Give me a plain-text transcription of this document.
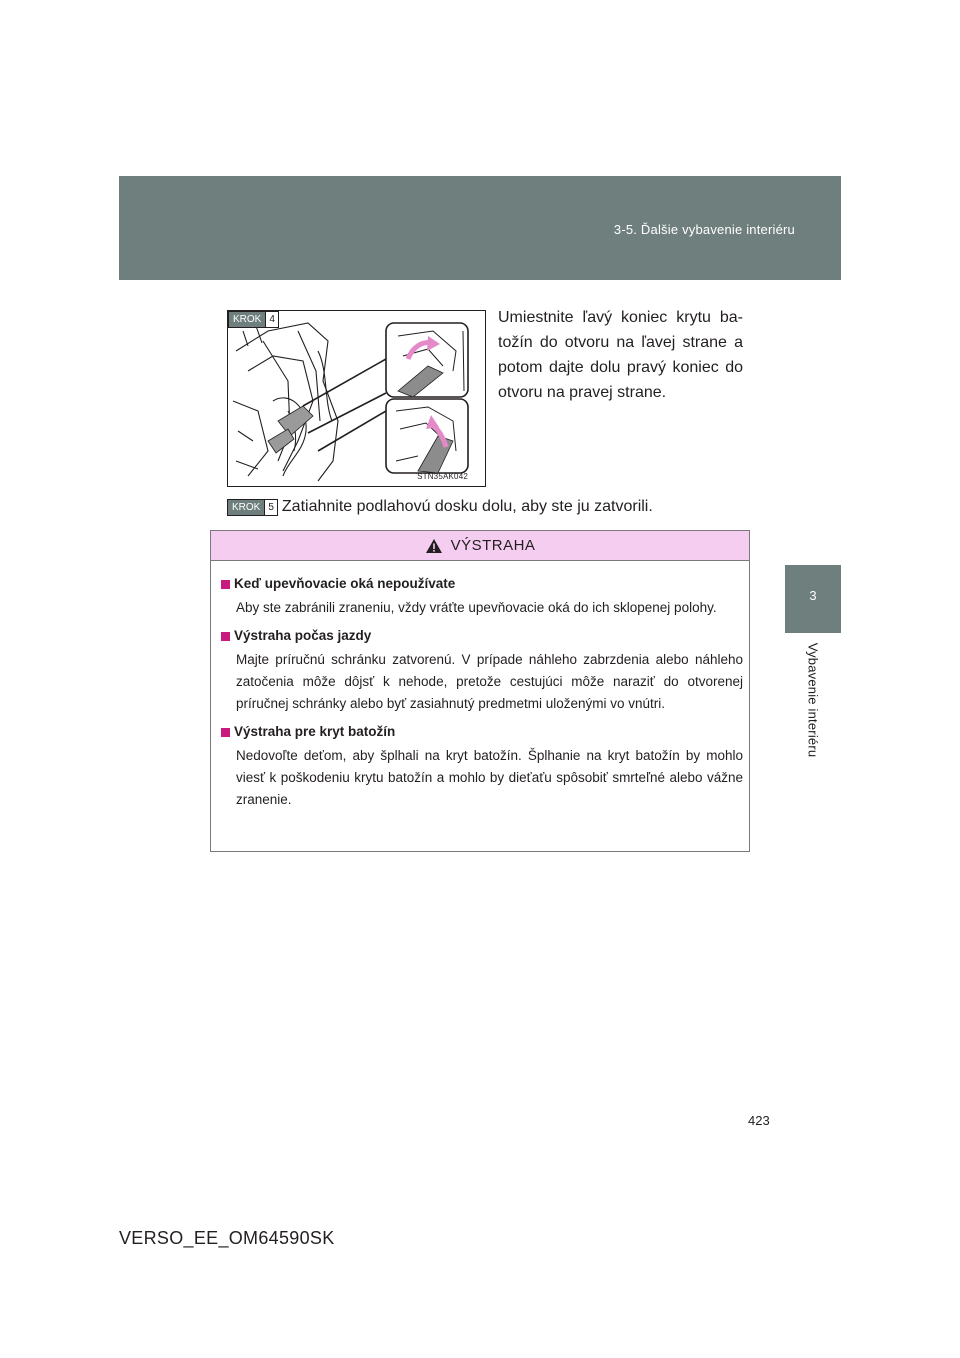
3-5. Ďalšie vybavenie interiéru
3
Vybavenie interiéru
KROK 4
STN35AK042
Umiestnite ľavý koniec krytu batožín do otvoru na ľavej strane a potom dajte dolu pravý koniec do otvoru na pravej strane.
KROK 5 Zatiahnite podlahovú dosku dolu, aby ste ju zatvorili.
VÝSTRAHA
Keď upevňovacie oká nepoužívate
Aby ste zabránili zraneniu, vždy vráťte upevňovacie oká do ich sklopenej polohy.
Výstraha počas jazdy
Majte príručnú schránku zatvorenú. V prípade náhleho zabrzdenia alebo náhleho zatočenia môže dôjsť k nehode, pretože cestujúci môže naraziť do otvorenej príručnej schránky alebo byť zasiahnutý predmetmi uloženými vo vnútri.
Výstraha pre kryt batožín
Nedovoľte deťom, aby šplhali na kryt batožín. Šplhanie na kryt batožín by mohlo viesť k poškodeniu krytu batožín a mohlo by dieťaťu spôsobiť smrteľné alebo vážne zranenie.
423
VERSO_EE_OM64590SK
